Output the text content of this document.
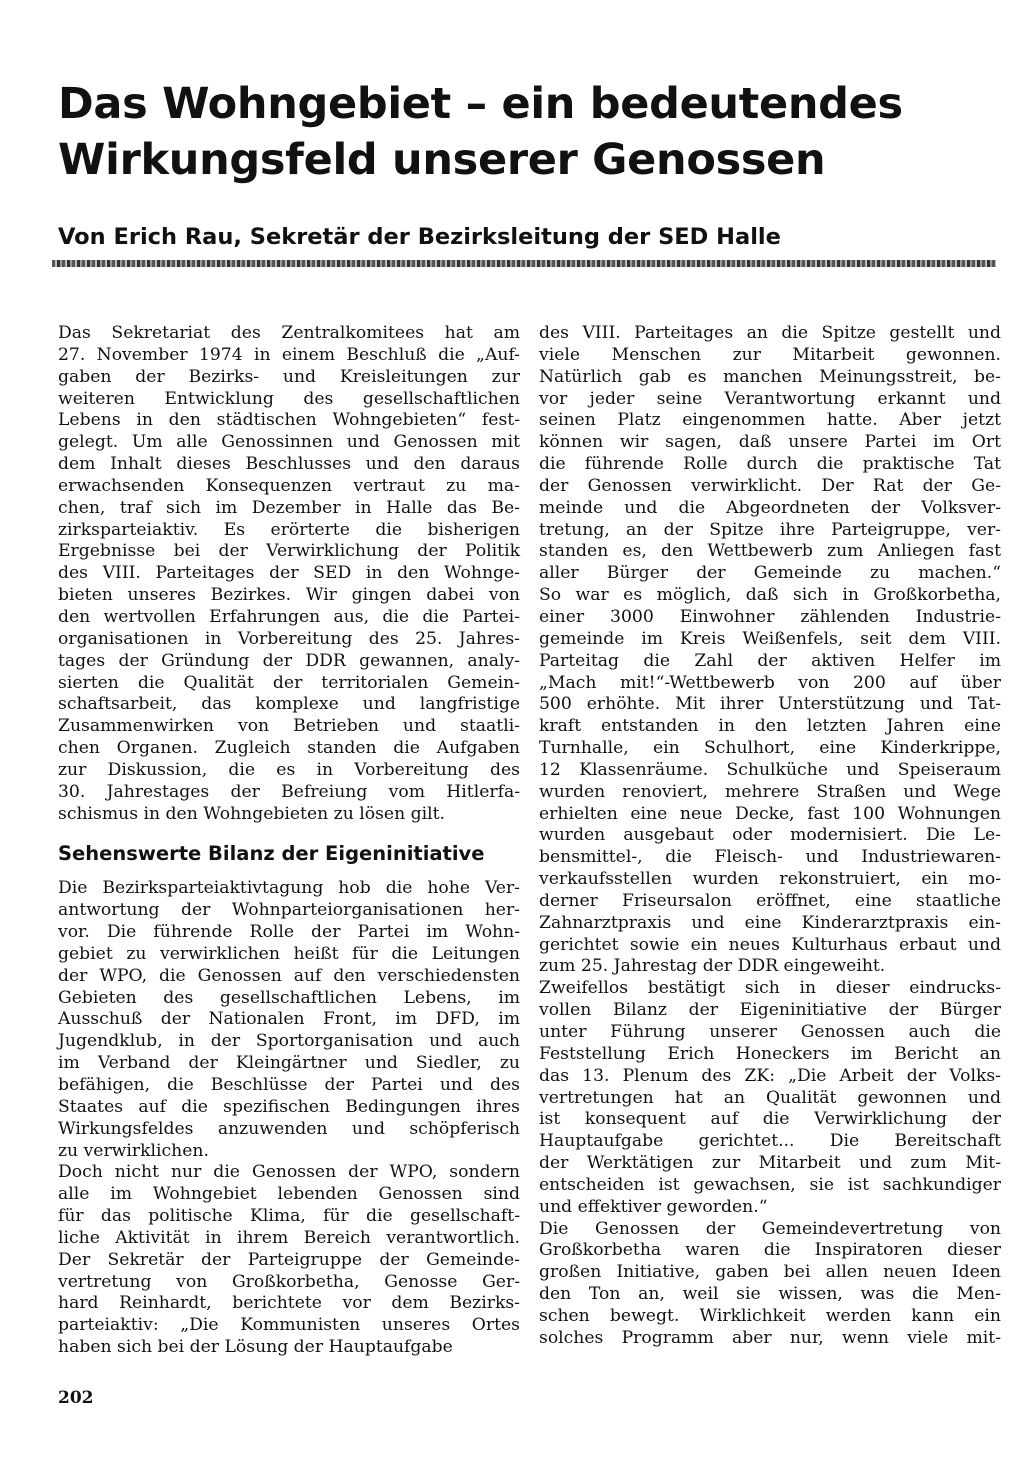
Das Wohngebiet – ein bedeutendes
Wirkungsfeld unserer Genossen
Von Erich Rau, Sekretär der Bezirksleitung der SED Halle

Das Sekretariat des Zentralkomitees hat am
27. November 1974 in einem Beschluß die „Auf-
gaben der Bezirks- und Kreisleitungen zur
weiteren Entwicklung des gesellschaftlichen
Lebens in den städtischen Wohngebieten“ fest-
gelegt. Um alle Genossinnen und Genossen mit
dem Inhalt dieses Beschlusses und den daraus
erwachsenden Konsequenzen vertraut zu ma-
chen, traf sich im Dezember in Halle das Be-
zirksparteiaktiv. Es erörterte die bisherigen
Ergebnisse bei der Verwirklichung der Politik
des VIII. Parteitages der SED in den Wohnge-
bieten unseres Bezirkes. Wir gingen dabei von
den wertvollen Erfahrungen aus, die die Partei-
organisationen in Vorbereitung des 25. Jahres-
tages der Gründung der DDR gewannen, analy-
sierten die Qualität der territorialen Gemein-
schaftsarbeit, das komplexe und langfristige
Zusammenwirken von Betrieben und staatli-
chen Organen. Zugleich standen die Aufgaben
zur Diskussion, die es in Vorbereitung des
30. Jahrestages der Befreiung vom Hitlerfa-
schismus in den Wohngebieten zu lösen gilt.

Sehenswerte Bilanz der Eigeninitiative

Die Bezirksparteiaktivtagung hob die hohe Ver-
antwortung der Wohnparteiorganisationen her-
vor. Die führende Rolle der Partei im Wohn-
gebiet zu verwirklichen heißt für die Leitungen
der WPO, die Genossen auf den verschiedensten
Gebieten des gesellschaftlichen Lebens, im
Ausschuß der Nationalen Front, im DFD, im
Jugendklub, in der Sportorganisation und auch
im Verband der Kleingärtner und Siedler, zu
befähigen, die Beschlüsse der Partei und des
Staates auf die spezifischen Bedingungen ihres
Wirkungsfeldes anzuwenden und schöpferisch
zu verwirklichen.

Doch nicht nur die Genossen der WPO, sondern
alle im Wohngebiet lebenden Genossen sind
für das politische Klima, für die gesellschaft-
liche Aktivität in ihrem Bereich verantwortlich.
Der Sekretär der Parteigruppe der Gemeinde-
vertretung von Großkorbetha, Genosse Ger-
hard Reinhardt, berichtete vor dem Bezirks-
parteiaktiv: „Die Kommunisten unseres Ortes
haben sich bei der Lösung der Hauptaufgabe

des VIII. Parteitages an die Spitze gestellt und
viele Menschen zur Mitarbeit gewonnen.
Natürlich gab es manchen Meinungsstreit, be-
vor jeder seine Verantwortung erkannt und
seinen Platz eingenommen hatte. Aber jetzt
können wir sagen, daß unsere Partei im Ort
die führende Rolle durch die praktische Tat
der Genossen verwirklicht. Der Rat der Ge-
meinde und die Abgeordneten der Volksver-
tretung, an der Spitze ihre Parteigruppe, ver-
standen es, den Wettbewerb zum Anliegen fast
aller Bürger der Gemeinde zu machen.“

So war es möglich, daß sich in Großkorbetha,
einer 3000 Einwohner zählenden Industrie-
gemeinde im Kreis Weißenfels, seit dem VIII.
Parteitag die Zahl der aktiven Helfer im
„Mach mit!“-Wettbewerb von 200 auf über
500 erhöhte. Mit ihrer Unterstützung und Tat-
kraft entstanden in den letzten Jahren eine
Turnhalle, ein Schulhort, eine Kinderkrippe,
12 Klassenräume. Schulküche und Speiseraum
wurden renoviert, mehrere Straßen und Wege
erhielten eine neue Decke, fast 100 Wohnungen
wurden ausgebaut oder modernisiert. Die Le-
bensmittel-, die Fleisch- und Industriewaren-
verkaufsstellen wurden rekonstruiert, ein mo-
derner Friseursalon eröffnet, eine staatliche
Zahnarztpraxis und eine Kinderarztpraxis ein-
gerichtet sowie ein neues Kulturhaus erbaut und
zum 25. Jahrestag der DDR eingeweiht.

Zweifellos bestätigt sich in dieser eindrucks-
vollen Bilanz der Eigeninitiative der Bürger
unter Führung unserer Genossen auch die
Feststellung Erich Honeckers im Bericht an
das 13. Plenum des ZK: „Die Arbeit der Volks-
vertretungen hat an Qualität gewonnen und
ist konsequent auf die Verwirklichung der
Hauptaufgabe gerichtet... Die Bereitschaft
der Werktätigen zur Mitarbeit und zum Mit-
entscheiden ist gewachsen, sie ist sachkundiger
und effektiver geworden.“

Die Genossen der Gemeindevertretung von
Großkorbetha waren die Inspiratoren dieser
großen Initiative, gaben bei allen neuen Ideen
den Ton an, weil sie wissen, was die Men-
schen bewegt. Wirklichkeit werden kann ein
solches Programm aber nur, wenn viele mit-

202
